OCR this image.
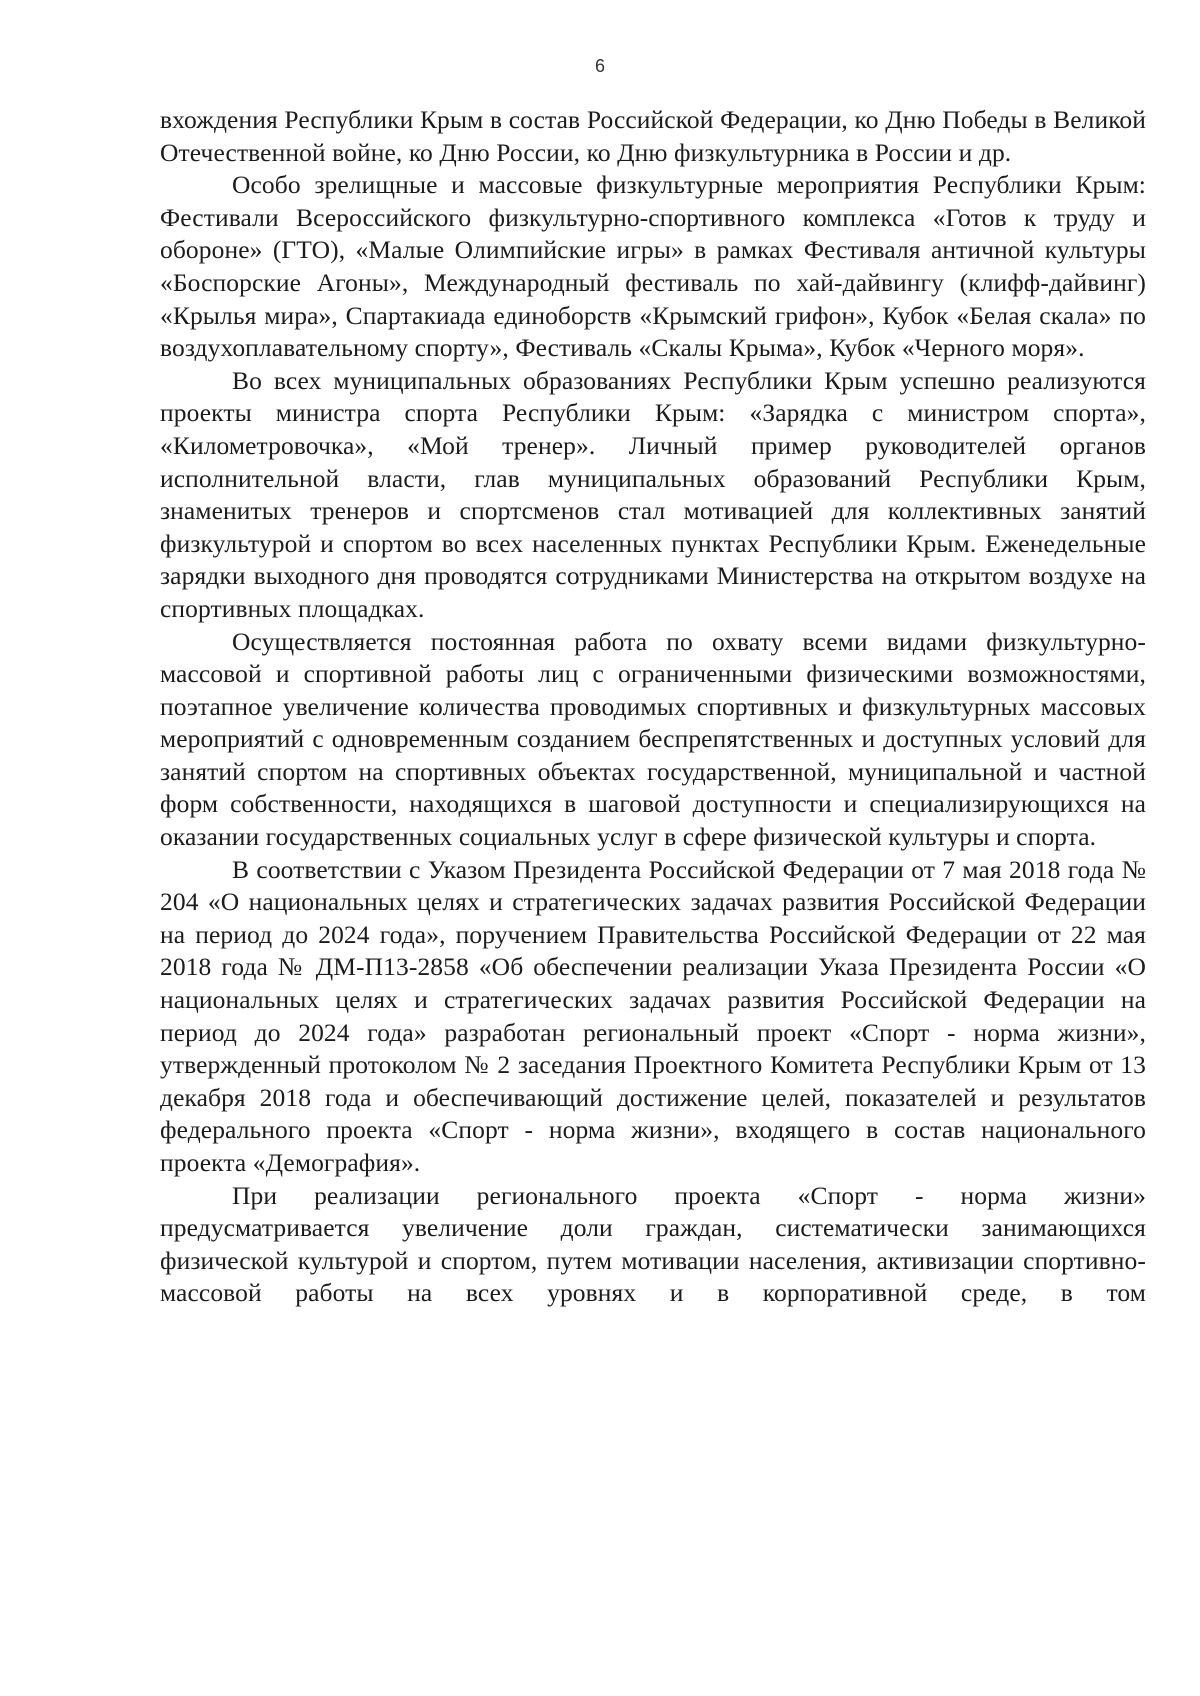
6

вхождения Республики Крым в состав Российской Федерации, ко Дню Победы в Великой Отечественной войне, ко Дню России, ко Дню физкультурника в России и др.

Особо зрелищные и массовые физкультурные мероприятия Республики Крым: Фестивали Всероссийского физкультурно-спортивного комплекса «Готов к труду и обороне» (ГТО), «Малые Олимпийские игры» в рамках Фестиваля античной культуры «Боспорские Агоны», Международный фестиваль по хай-дайвингу (клифф-дайвинг) «Крылья мира», Спартакиада единоборств «Крымский грифон», Кубок «Белая скала» по воздухоплавательному спорту», Фестиваль «Скалы Крыма», Кубок «Черного моря».

Во всех муниципальных образованиях Республики Крым успешно реализуются проекты министра спорта Республики Крым: «Зарядка с министром спорта», «Километровочка», «Мой тренер». Личный пример руководителей органов исполнительной власти, глав муниципальных образований Республики Крым, знаменитых тренеров и спортсменов стал мотивацией для коллективных занятий физкультурой и спортом во всех населенных пунктах Республики Крым. Еженедельные зарядки выходного дня проводятся сотрудниками Министерства на открытом воздухе на спортивных площадках.

Осуществляется постоянная работа по охвату всеми видами физкультурно-массовой и спортивной работы лиц с ограниченными физическими возможностями, поэтапное увеличение количества проводимых спортивных и физкультурных массовых мероприятий с одновременным созданием беспрепятственных и доступных условий для занятий спортом на спортивных объектах государственной, муниципальной и частной форм собственности, находящихся в шаговой доступности и специализирующихся на оказании государственных социальных услуг в сфере физической культуры и спорта.

В соответствии с Указом Президента Российской Федерации от 7 мая 2018 года № 204 «О национальных целях и стратегических задачах развития Российской Федерации на период до 2024 года», поручением Правительства Российской Федерации от 22 мая 2018 года № ДМ-П13-2858 «Об обеспечении реализации Указа Президента России «О национальных целях и стратегических задачах развития Российской Федерации на период до 2024 года» разработан региональный проект «Спорт - норма жизни», утвержденный протоколом № 2 заседания Проектного Комитета Республики Крым от 13 декабря 2018 года и обеспечивающий достижение целей, показателей и результатов федерального проекта «Спорт - норма жизни», входящего в состав национального проекта «Демография».

При реализации регионального проекта «Спорт - норма жизни» предусматривается увеличение доли граждан, систематически занимающихся физической культурой и спортом, путем мотивации населения, активизации спортивно-массовой работы на всех уровнях и в корпоративной среде, в том
